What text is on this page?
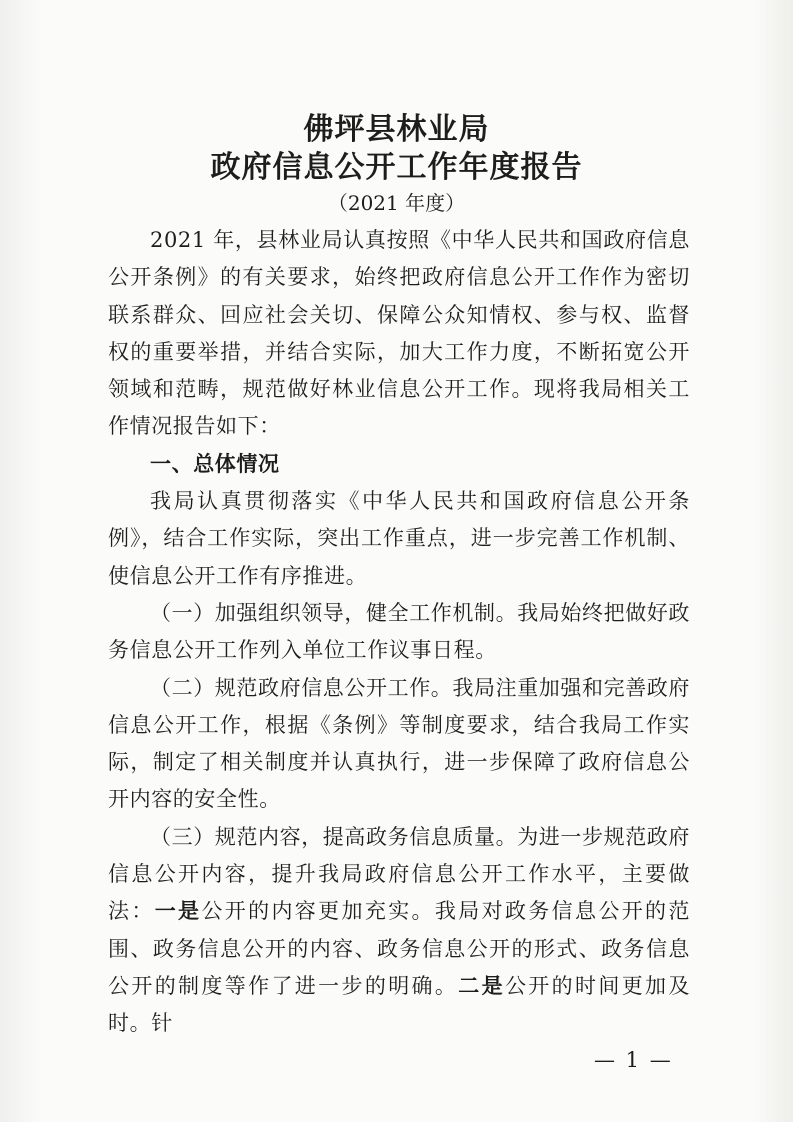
佛坪县林业局
政府信息公开工作年度报告
（2021 年度）

2021 年，县林业局认真按照《中华人民共和国政府信息公开条例》的有关要求，始终把政府信息公开工作作为密切联系群众、回应社会关切、保障公众知情权、参与权、监督权的重要举措，并结合实际，加大工作力度，不断拓宽公开领域和范畴，规范做好林业信息公开工作。现将我局相关工作情况报告如下：

一、总体情况

我局认真贯彻落实《中华人民共和国政府信息公开条例》，结合工作实际，突出工作重点，进一步完善工作机制、使信息公开工作有序推进。

（一）加强组织领导，健全工作机制。我局始终把做好政务信息公开工作列入单位工作议事日程。

（二）规范政府信息公开工作。我局注重加强和完善政府信息公开工作，根据《条例》等制度要求，结合我局工作实际，制定了相关制度并认真执行，进一步保障了政府信息公开内容的安全性。

（三）规范内容，提高政务信息质量。为进一步规范政府信息公开内容，提升我局政府信息公开工作水平，主要做法：一是公开的内容更加充实。我局对政务信息公开的范围、政务信息公开的内容、政务信息公开的形式、政务信息公开的制度等作了进一步的明确。二是公开的时间更加及时。针

— 1 —
